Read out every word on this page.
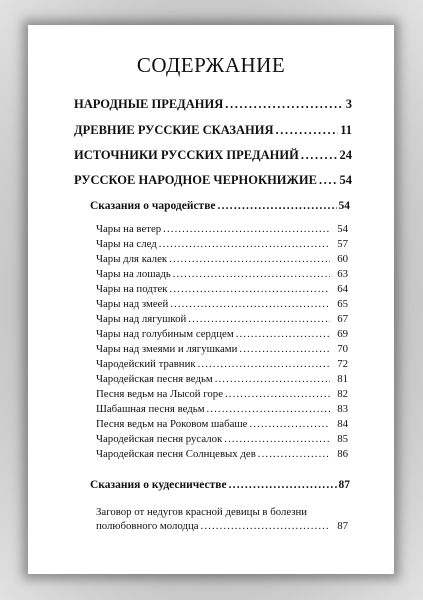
СОДЕРЖАНИЕ
НАРОДНЫЕ ПРЕДАНИЯ .....	3
ДРЕВНИЕ РУССКИЕ СКАЗАНИЯ .....	11
ИСТОЧНИКИ РУССКИХ ПРЕДАНИЙ .....	24
РУССКОЕ НАРОДНОЕ ЧЕРНОКНИЖИЕ ..... 54
Сказания о чародействе .....	54
Чары на ветер .....	54
Чары на след .....	57
Чары для калек .....	60
Чары на лошадь .....	63
Чары на подтек .....	64
Чары над змеей .....	65
Чары над лягушкой .....	67
Чары над голубиным сердцем .....	69
Чары над змеями и лягушками .....	70
Чародейский травник .....	72
Чародейская песня ведьм .....	81
Песня ведьм на Лысой горе .....	82
Шабашная песня ведьм .....	83
Песня ведьм на Роковом шабаше .....	84
Чародейская песня русалок .....	85
Чародейская песня Солнцевых дев .....	86
Сказания о кудесничестве .....	87
Заговор от недугов красной девицы в болезни
полюбовного молодца .....	87
